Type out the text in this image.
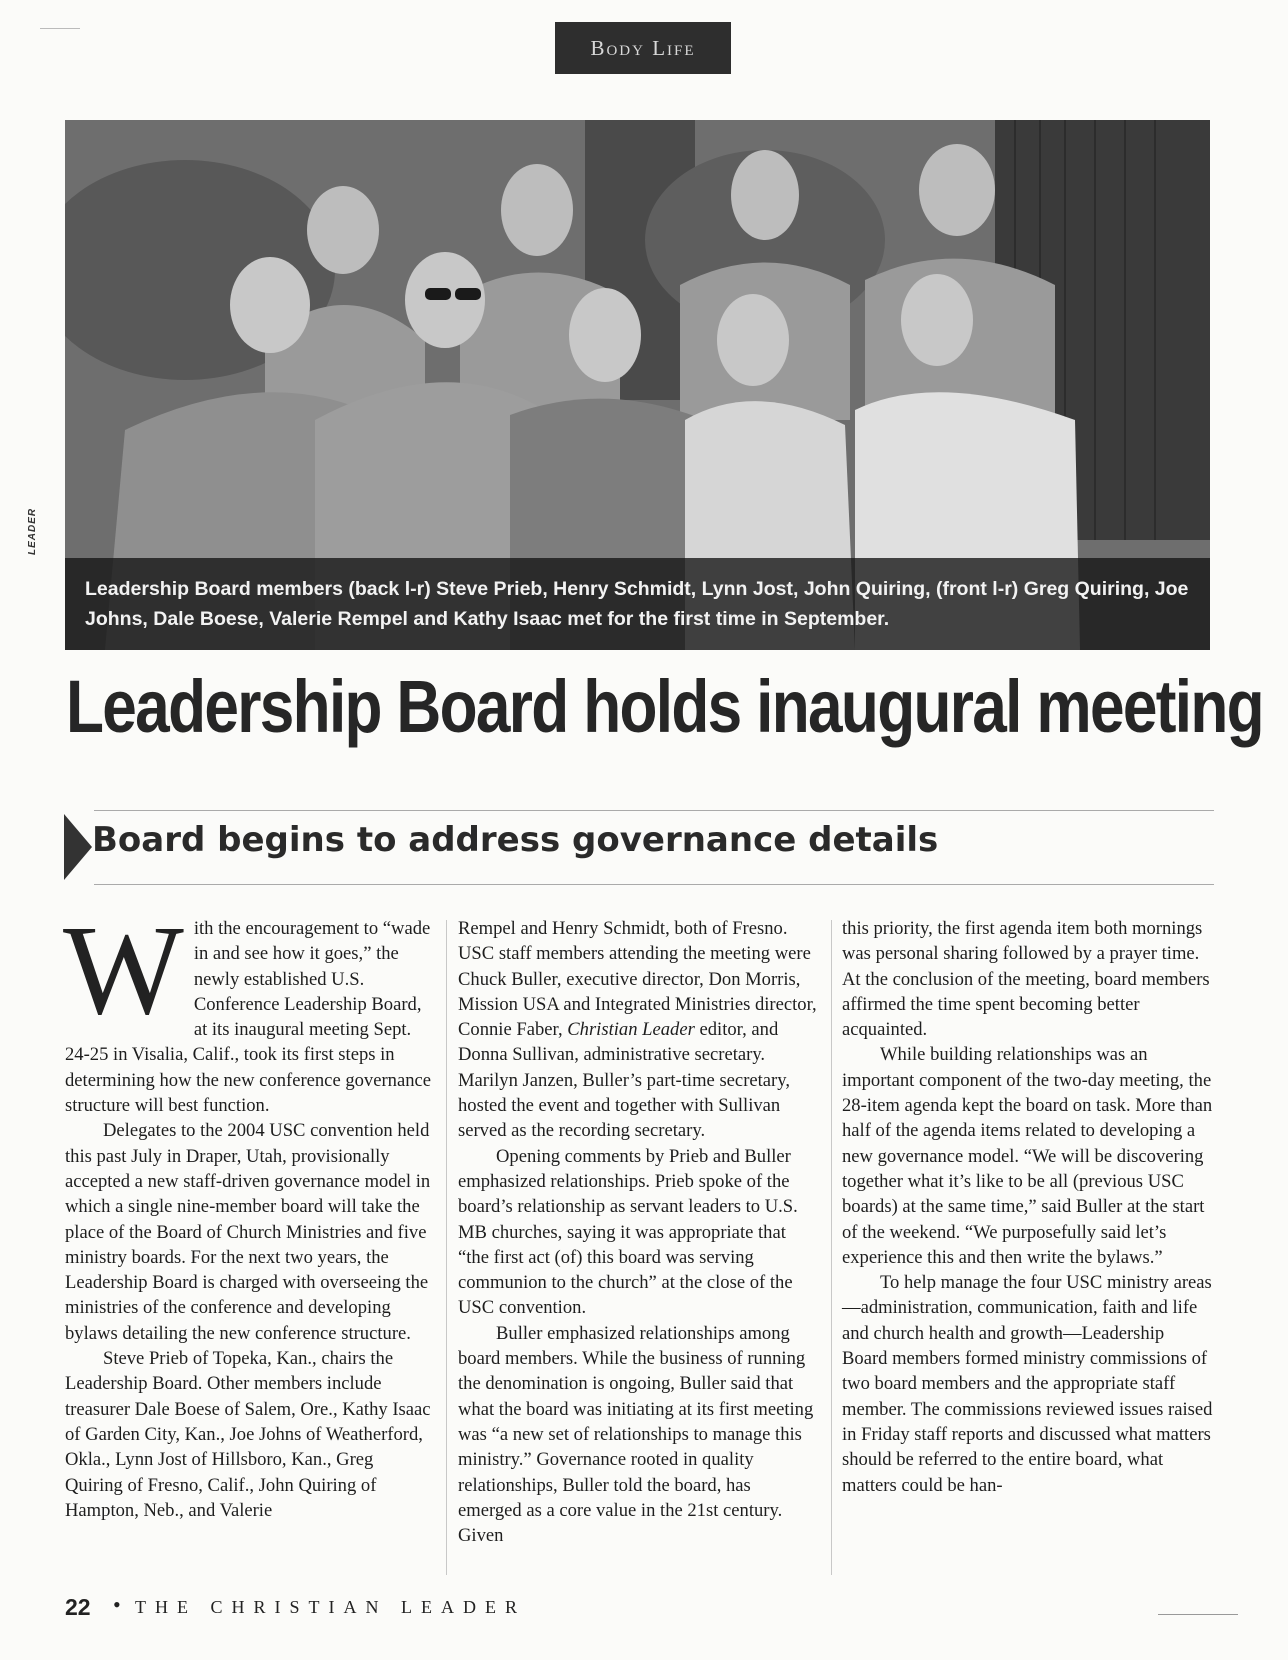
Body Life
LEADER
Leadership Board members (back l-r) Steve Prieb, Henry Schmidt, Lynn Jost, John Quiring, (front l-r) Greg Quiring, Joe Johns, Dale Boese, Valerie Rempel and Kathy Isaac met for the first time in September.
Leadership Board holds inaugural meeting
Board begins to address governance details

With the encouragement to “wade in and see how it goes,” the newly established U.S. Conference Leadership Board, at its inaugural meeting Sept. 24-25 in Visalia, Calif., took its first steps in determining how the new conference governance structure will best function.

Delegates to the 2004 USC convention held this past July in Draper, Utah, provisionally accepted a new staff-driven governance model in which a single nine-member board will take the place of the Board of Church Ministries and five ministry boards. For the next two years, the Leadership Board is charged with overseeing the ministries of the conference and developing bylaws detailing the new conference structure.

Steve Prieb of Topeka, Kan., chairs the Leadership Board. Other members include treasurer Dale Boese of Salem, Ore., Kathy Isaac of Garden City, Kan., Joe Johns of Weatherford, Okla., Lynn Jost of Hillsboro, Kan., Greg Quiring of Fresno, Calif., John Quiring of Hampton, Neb., and Valerie

Rempel and Henry Schmidt, both of Fresno. USC staff members attending the meeting were Chuck Buller, executive director, Don Morris, Mission USA and Integrated Ministries director, Connie Faber, Christian Leader editor, and Donna Sullivan, administrative secretary. Marilyn Janzen, Buller’s part-time secretary, hosted the event and together with Sullivan served as the recording secretary.

Opening comments by Prieb and Buller emphasized relationships. Prieb spoke of the board’s relationship as servant leaders to U.S. MB churches, saying it was appropriate that “the first act (of) this board was serving communion to the church” at the close of the USC convention.

Buller emphasized relationships among board members. While the business of running the denomination is ongoing, Buller said that what the board was initiating at its first meeting was “a new set of relationships to manage this ministry.” Governance rooted in quality relationships, Buller told the board, has emerged as a core value in the 21st century. Given

this priority, the first agenda item both mornings was personal sharing followed by a prayer time. At the conclusion of the meeting, board members affirmed the time spent becoming better acquainted.

While building relationships was an important component of the two-day meeting, the 28-item agenda kept the board on task. More than half of the agenda items related to developing a new governance model. “We will be discovering together what it’s like to be all (previous USC boards) at the same time,” said Buller at the start of the weekend. “We purposefully said let’s experience this and then write the bylaws.”

To help manage the four USC ministry areas—administration, communication, faith and life and church health and growth—Leadership Board members formed ministry commissions of two board members and the appropriate staff member. The commissions reviewed issues raised in Friday staff reports and discussed what matters should be referred to the entire board, what matters could be han-

22 • THE CHRISTIAN LEADER
